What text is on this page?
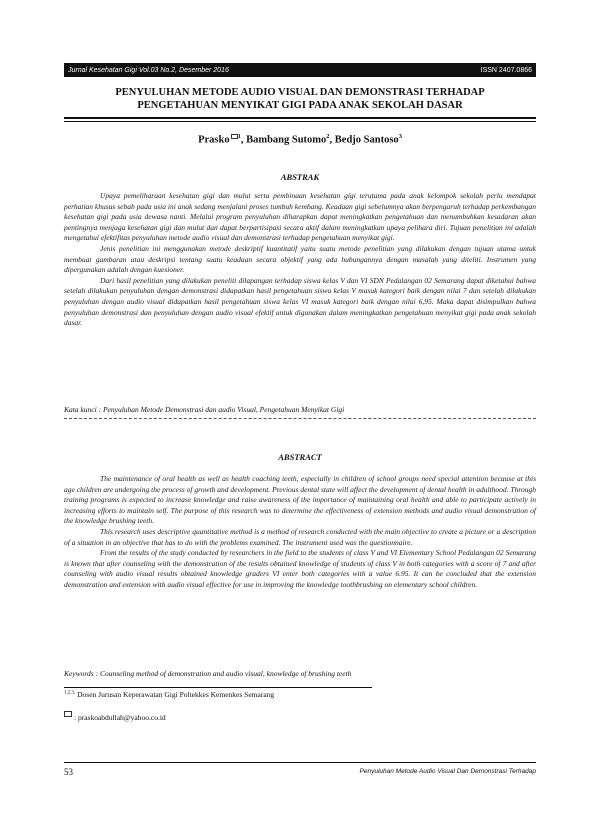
Jurnal Kesehatan Gigi Vol.03 No.2, Desember 2016	ISSN 2407.0866
PENYULUHAN METODE AUDIO VISUAL DAN DEMONSTRASI TERHADAP
PENGETAHUAN MENYIKAT GIGI PADA ANAK SEKOLAH DASAR
Prasko $^1$, Bambang Sutomo$^2$, Bedjo Santoso$^3$
ABSTRAK

Upaya pemeliharaan kesehatan gigi dan mulut serta pembinaan kesehatan gigi terutama pada anak kelompok sekolah perlu mendapat perhatian khusus sebab pada usia ini anak sedang menjalani proses tumbuh kembang. Keadaan gigi sebelumnya akan berpengaruh terhadap perkembangan kesehatan gigi pada usia dewasa nanti. Melalui program penyuluhan diharapkan dapat meningkatkan pengetahuan dan menumbuhkan kesadaran akan pentingnya menjaga kesehatan gigi dan mulut dan dapat berpartisipasi secara aktif dalam meningkatkan upaya pelihara diri. Tujuan penelitian ini adalah mengetahui efektifitas penyuluhan metode audio visual dan demonstrasi terhadap pengetahuan menyikat gigi.

Jenis penelitian ini menggunakan metode deskriptif kuantitatif yaitu suatu metode penelitian yang dilakukan dengan tujuan utama untuk membuat gambaran atau deskripsi tentang suatu keadaan secara objektif yang ada hubungannya dengan masalah yang diteliti. Instrumen yang dipergunakan adalah dengan kuesioner.

Dari hasil penelitian yang dilakukan peneliti dilapangan terhadap siswa kelas V dan VI SDN Pedalangan 02 Semarang dapat diketahui bahwa setelah dilakukan penyuluhan dengan demonstrasi didapatkan hasil pengetahuan siswa kelas V masuk kategori baik dengan nilai 7 dan setelah dilakukan penyuluhan dengan audio visual didapatkan hasil pengetahuan siswa kelas VI masuk kategori baik dengan nilai 6,95. Maka dapat disimpulkan bahwa penyuluhan demonstrasi dan penyuluhan dengan audio visual efektif untuk digunakan dalam meningkatkan pengetahuan menyikat gigi pada anak sekolah dasar.

Kata kunci : Penyuluhan Metode Demonstrasi dan audio Visual, Pengetahuan Menyikat Gigi
ABSTRACT

The maintenance of oral health as well as health coaching teeth, especially in children of school groups need special attention because at this age children are undergoing the process of growth and development. Previous dental state will affect the development of dental health in adulthood. Through training programs is expected to increase knowledge and raise awareness of the importance of maintaining oral health and able to participate actively in increasing efforts to maintain self. The purpose of this research was to determine the effectiveness of extension methods and audio visual demonstration of the knowledge brushing teeth.

This research uses descriptive quantitative method is a method of research conducted with the main objective to create a picture or a description of a situation in an objective that has to do with the problems examined. The instrument used was the questionnaire.

From the results of the study conducted by researchers in the field to the students of class V and VI Elementary School Pedalangan 02 Semarang is known that after counseling with the demonstration of the results obtained knowledge of students of class V in both categories with a score of 7 and after counseling with audio visual results obtained knowledge graders VI enter both categories with a value 6.95. It can be concluded that the extension demonstration and extension with audio visual effective for use in improving the knowledge toothbrushing on elementary school children.

Keywords : Counseling method of demonstration and audio visual, knowledge of brushing teeth
$^{1,2,3,}$ Dosen Jurusan Keperawatan Gigi Poltekkes Kemenkes Semarang
: praskoabdullah@yahoo.co.id
53	Penyuluhan Metode Audio Visual Dan Demonstrasi Terhadap
